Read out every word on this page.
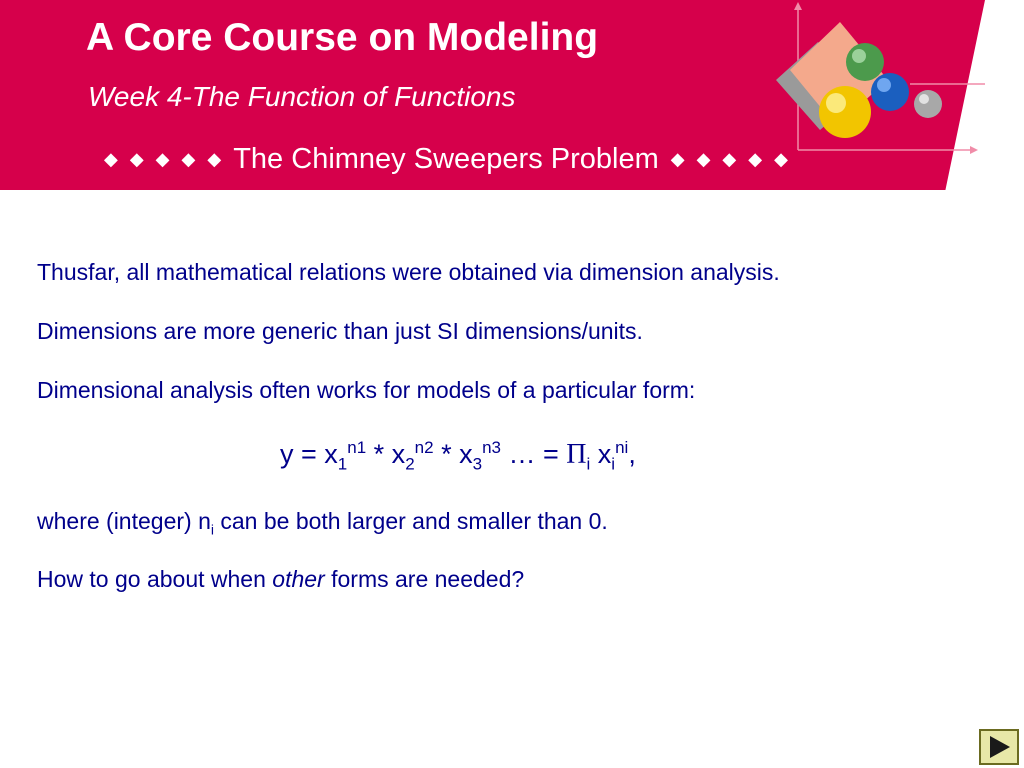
A Core Course on Modeling
Week 4-The Function of Functions
◆◆◆◆◆The Chimney Sweepers Problem ◆◆◆◆◆
18
Thusfar, all mathematical relations were obtained via dimension analysis.
Dimensions are more generic than just SI dimensions/units.
Dimensional analysis often works for models of a particular form:
$y = x_1^{n1} * x_2^{n2} * x_3^{n3}$ … = $\Pi_i$ $x_i^{ni}$,
where (integer) $n_i$ can be both larger and smaller than 0.
How to go about when other forms are needed?
